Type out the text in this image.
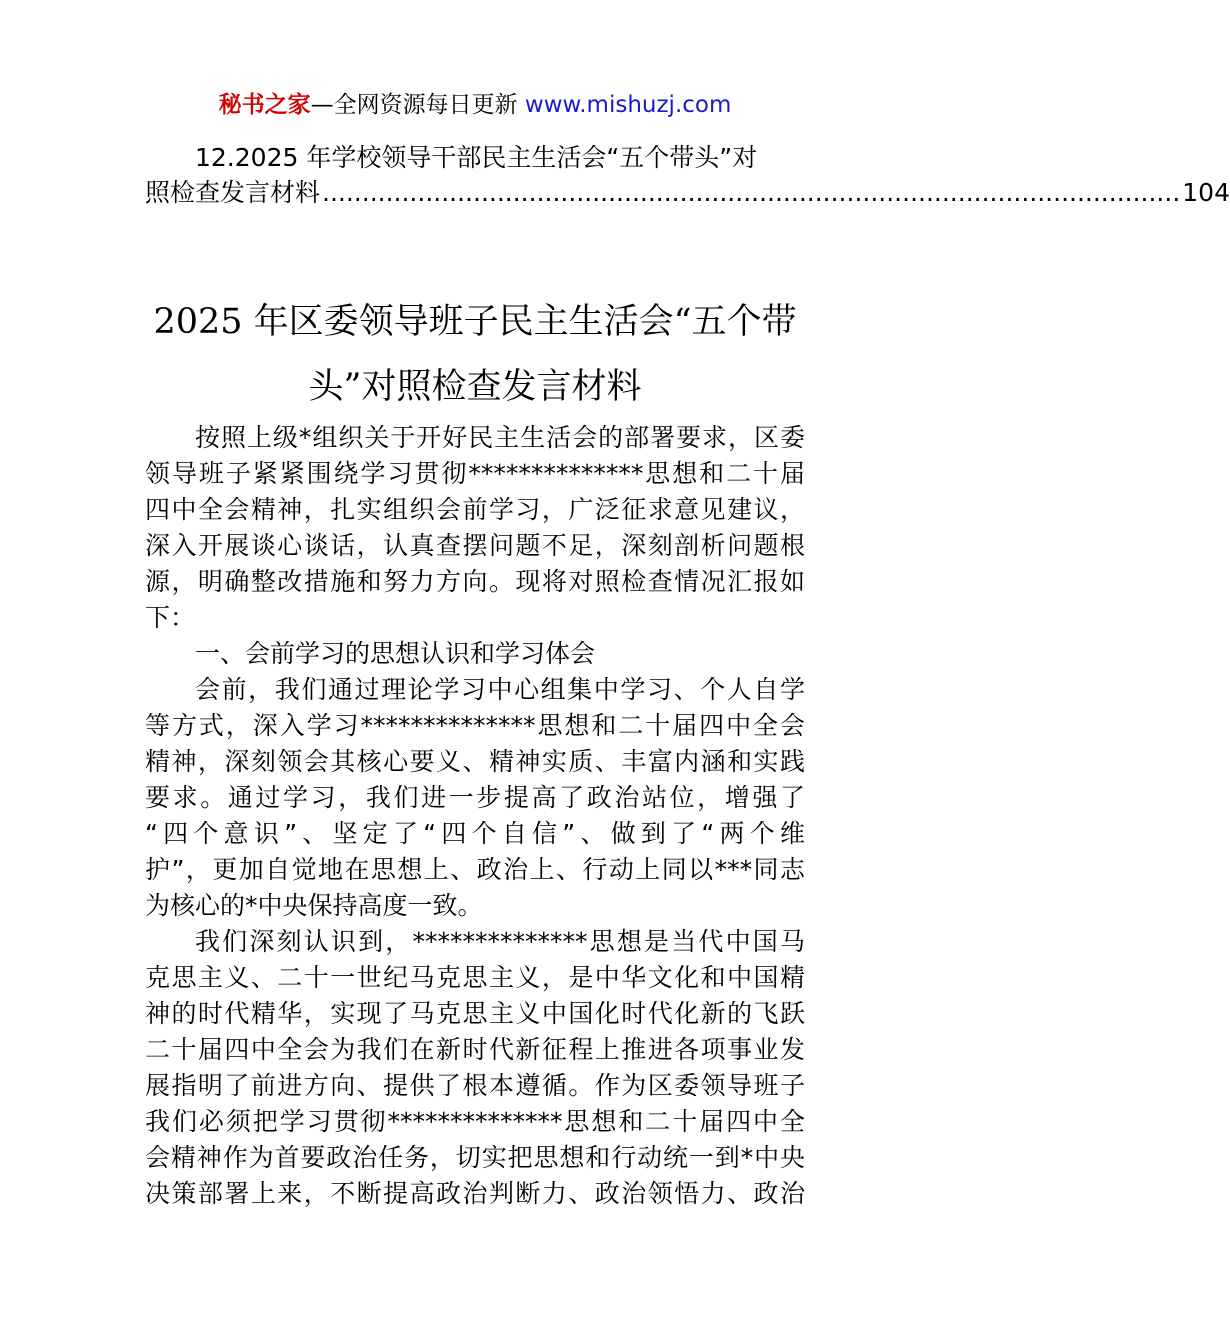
秘书之家—全网资源每日更新 www.mishuzj.com
12.2025 年学校领导干部民主生活会“五个带头”对
照检查发言材料 ............................................................................................................ 104
2025 年区委领导班子民主生活会“五个带
头”对照检查发言材料
按照上级*组织关于开好民主生活会的部署要求，区委
领导班子紧紧围绕学习贯彻**************思想和二十届
四中全会精神，扎实组织会前学习，广泛征求意见建议，
深入开展谈心谈话，认真查摆问题不足，深刻剖析问题根
源，明确整改措施和努力方向。现将对照检查情况汇报如
下：
一、会前学习的思想认识和学习体会
会前，我们通过理论学习中心组集中学习、个人自学
等方式，深入学习**************思想和二十届四中全会
精神，深刻领会其核心要义、精神实质、丰富内涵和实践
要求。通过学习，我们进一步提高了政治站位，增强了
“四个意识”、坚定了“四个自信”、做到了“两个维
护”，更加自觉地在思想上、政治上、行动上同以***同志
为核心的*中央保持高度一致。
我们深刻认识到，**************思想是当代中国马
克思主义、二十一世纪马克思主义，是中华文化和中国精
神的时代精华，实现了马克思主义中国化时代化新的飞跃
二十届四中全会为我们在新时代新征程上推进各项事业发
展指明了前进方向、提供了根本遵循。作为区委领导班子
我们必须把学习贯彻**************思想和二十届四中全
会精神作为首要政治任务，切实把思想和行动统一到*中央
决策部署上来，不断提高政治判断力、政治领悟力、政治
